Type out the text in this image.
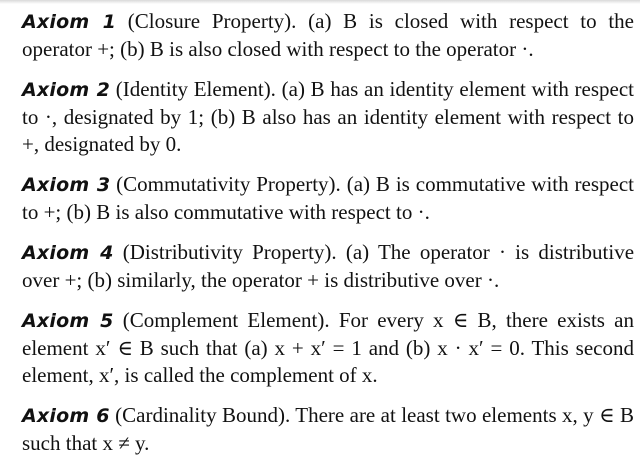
Axiom 1 (Closure Property). (a) B is closed with respect to the operator +; (b) B is also closed with respect to the operator ·.

Axiom 2 (Identity Element). (a) B has an identity element with respect to ·, designated by 1; (b) B also has an identity element with respect to +, designated by 0.

Axiom 3 (Commutativity Property). (a) B is commutative with respect to +; (b) B is also commutative with respect to ·.

Axiom 4 (Distributivity Property). (a) The operator · is distributive over +; (b) similarly, the operator + is distributive over ·.

Axiom 5 (Complement Element). For every x ∈ B, there exists an element x′ ∈ B such that (a) x + x′ = 1 and (b) x · x′ = 0. This second element, x′, is called the complement of x.

Axiom 6 (Cardinality Bound). There are at least two elements x, y ∈ B such that x ≠ y.
